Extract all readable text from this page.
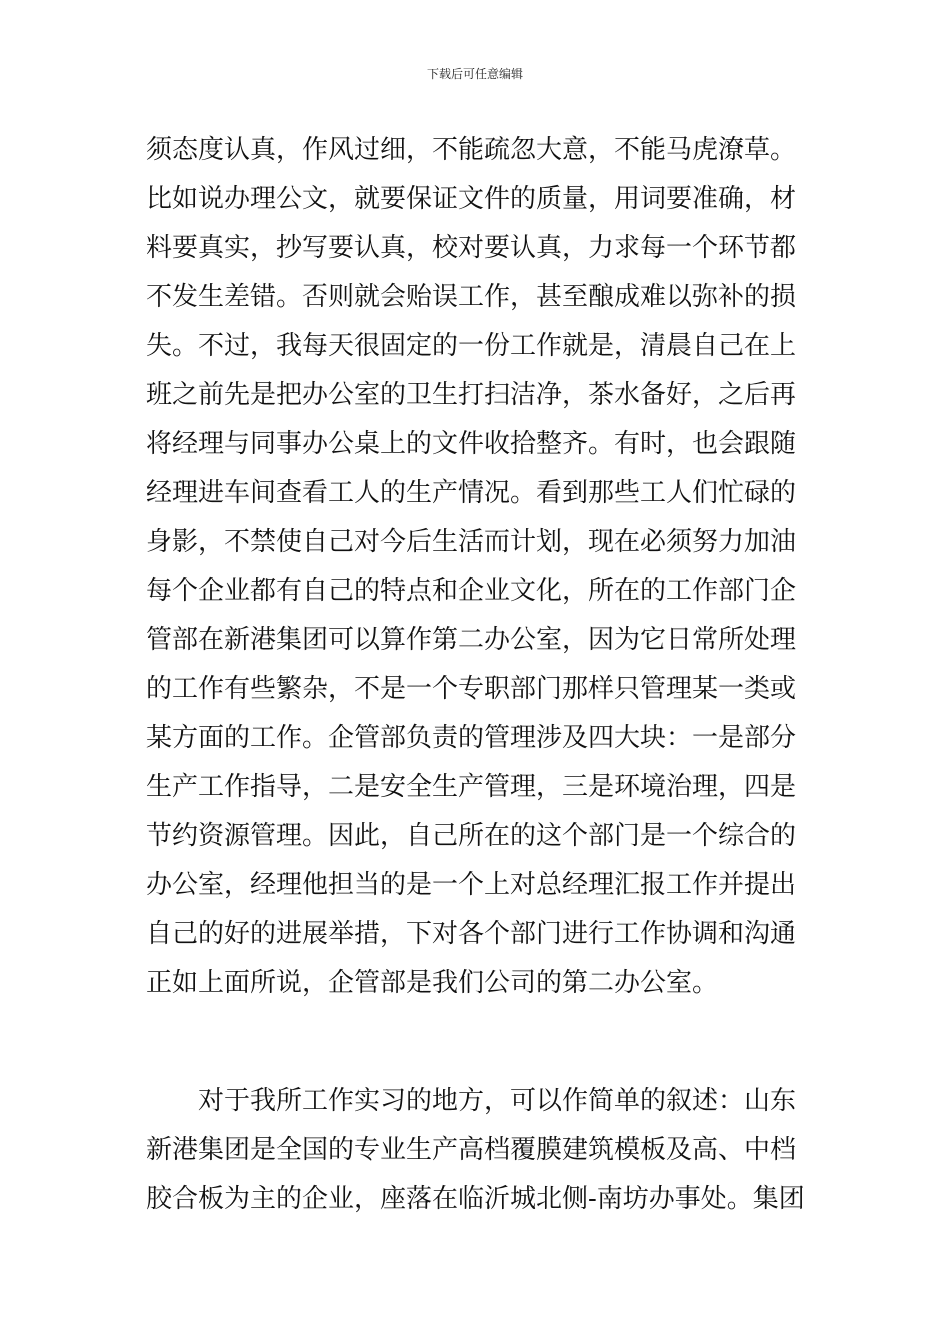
下载后可任意编辑
须态度认真，作风过细，不能疏忽大意，不能马虎潦草。
比如说办理公文，就要保证文件的质量，用词要准确，材
料要真实，抄写要认真，校对要认真，力求每一个环节都
不发生差错。否则就会贻误工作，甚至酿成难以弥补的损
失。不过，我每天很固定的一份工作就是，清晨自己在上
班之前先是把办公室的卫生打扫洁净，茶水备好，之后再
将经理与同事办公桌上的文件收拾整齐。有时，也会跟随
经理进车间查看工人的生产情况。看到那些工人们忙碌的
身影，不禁使自己对今后生活而计划，现在必须努力加油
每个企业都有自己的特点和企业文化，所在的工作部门企
管部在新港集团可以算作第二办公室，因为它日常所处理
的工作有些繁杂，不是一个专职部门那样只管理某一类或
某方面的工作。企管部负责的管理涉及四大块：一是部分
生产工作指导，二是安全生产管理，三是环境治理，四是
节约资源管理。因此，自己所在的这个部门是一个综合的
办公室，经理他担当的是一个上对总经理汇报工作并提出
自己的好的进展举措，下对各个部门进行工作协调和沟通
正如上面所说，企管部是我们公司的第二办公室。
对于我所工作实习的地方，可以作简单的叙述：山东
新港集团是全国的专业生产高档覆膜建筑模板及高、中档
胶合板为主的企业，座落在临沂城北侧-南坊办事处。集团
